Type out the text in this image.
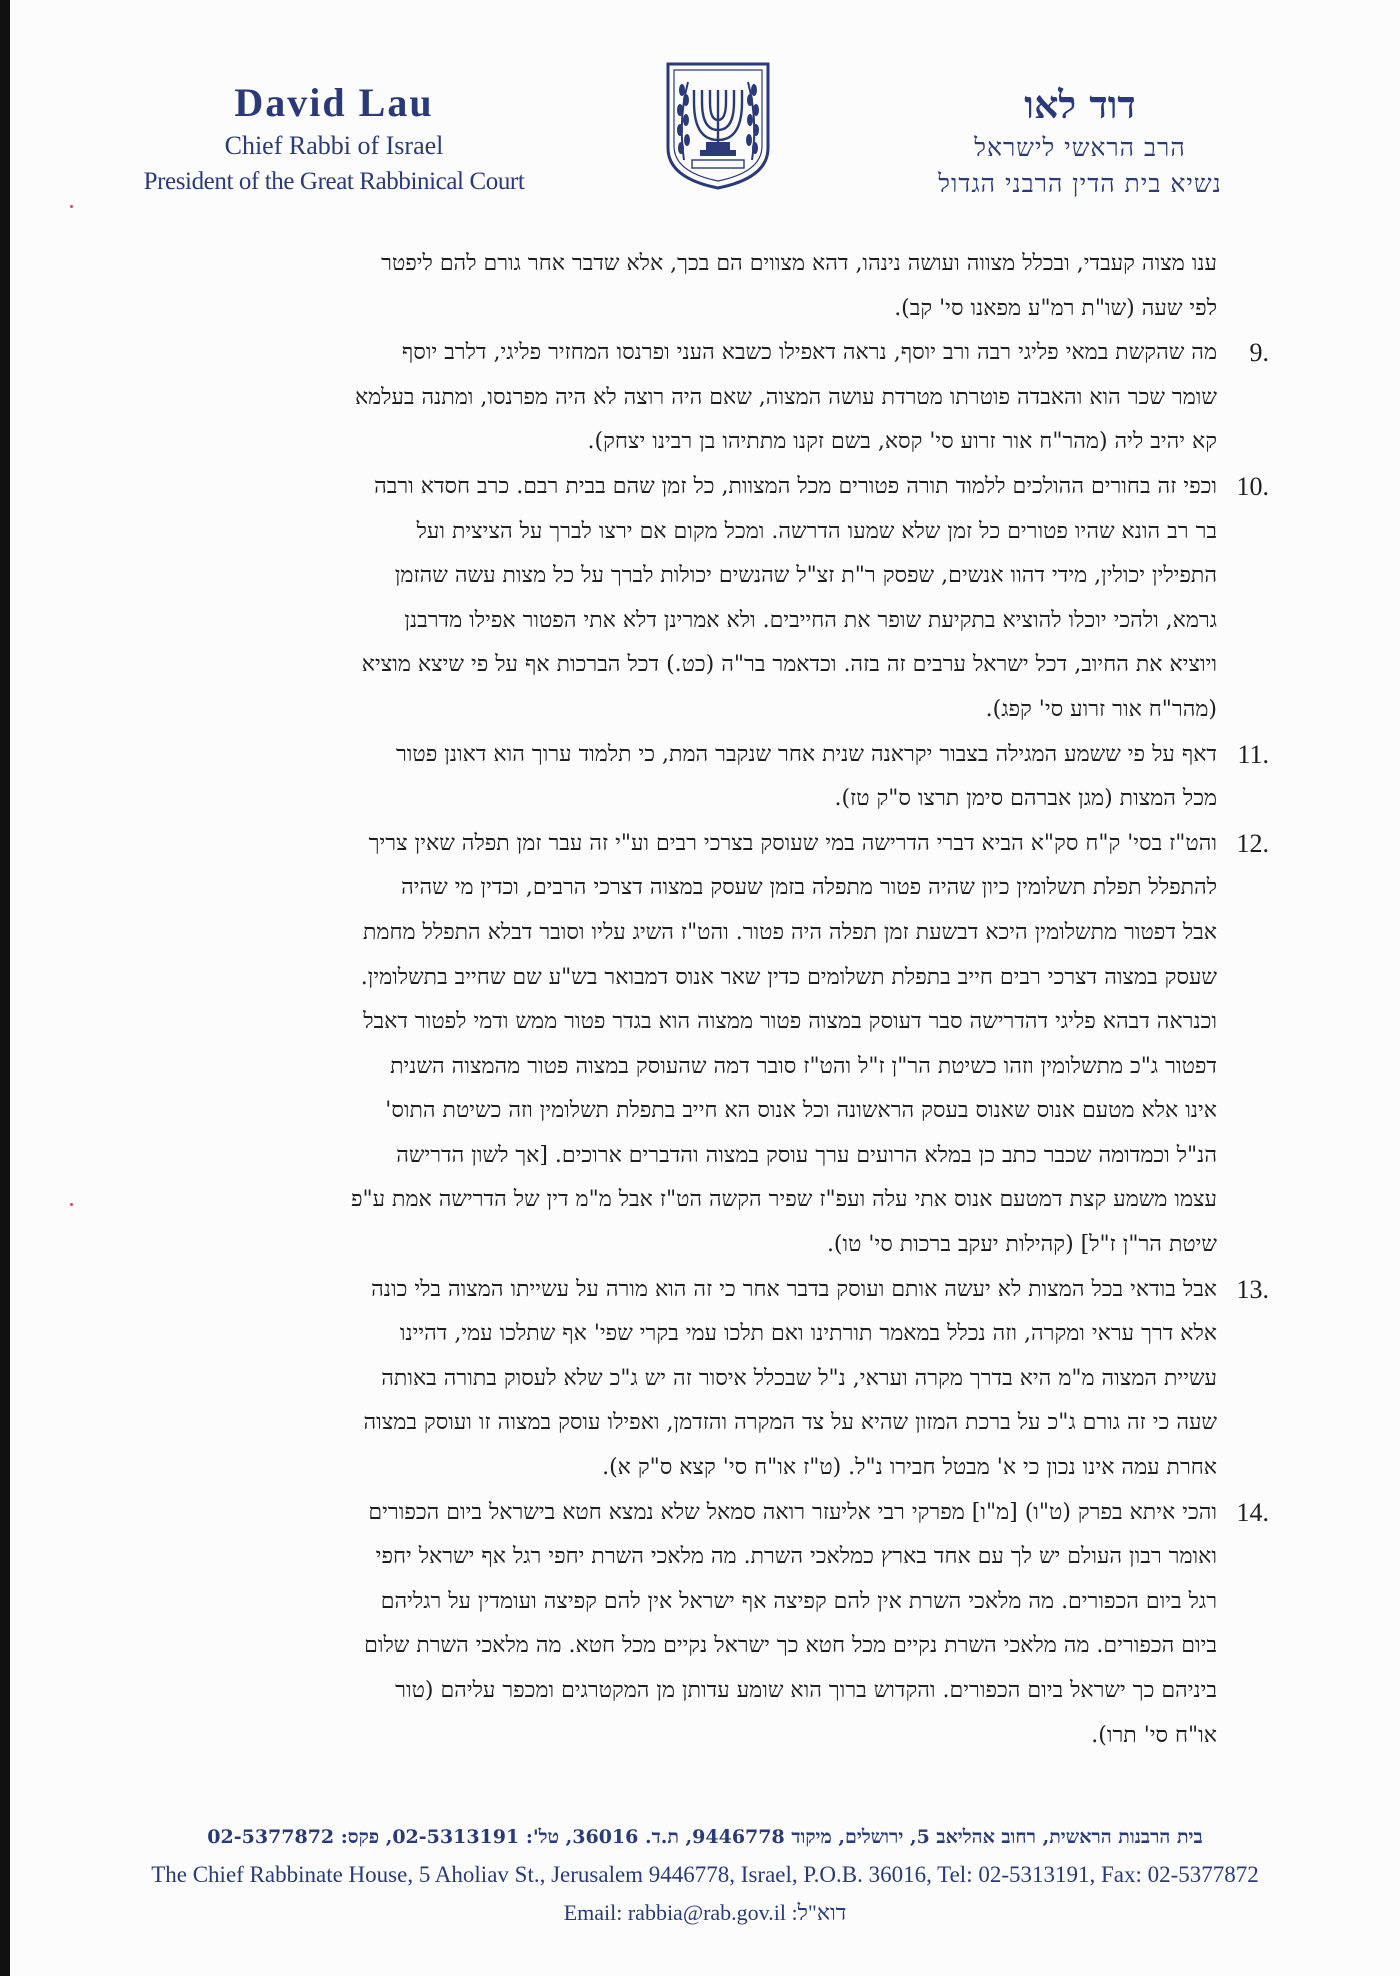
David Lau
Chief Rabbi of Israel
President of the Great Rabbinical Court
דוד לאו
הרב הראשי לישראל
נשיא בית הדין הרבני הגדול

ענו מצוה קעבדי, ובכלל מצווה ועושה נינהו, דהא מצווים הם בכך, אלא שדבר אחר גורם להם ליפטר

לפי שעה (שו"ת רמ"ע מפאנו סי' קב).

9.

מה שהקשת במאי פליגי רבה ורב יוסף, נראה דאפילו כשבא העני ופרנסו המחזיר פליגי, דלרב יוסף

שומר שכר הוא והאבדה פוטרתו מטרדת עושה המצוה, שאם היה רוצה לא היה מפרנסו, ומתנה בעלמא

קא יהיב ליה (מהר"ח אור זרוע סי' קסא, בשם זקנו מתתיהו בן רבינו יצחק).

10.

וכפי זה בחורים ההולכים ללמוד תורה פטורים מכל המצוות, כל זמן שהם בבית רבם. כרב חסדא ורבה

בר רב הונא שהיו פטורים כל זמן שלא שמעו הדרשה. ומכל מקום אם ירצו לברך על הציצית ועל

התפילין יכולין, מידי דהוו אנשים, שפסק ר"ת זצ"ל שהנשים יכולות לברך על כל מצות עשה שהזמן

גרמא, ולהכי יוכלו להוציא בתקיעת שופר את החייבים. ולא אמרינן דלא אתי הפטור אפילו מדרבנן

ויוציא את החיוב, דכל ישראל ערבים זה בזה. וכדאמר בר"ה (כט.) דכל הברכות אף על פי שיצא מוציא

(מהר"ח אור זרוע סי' קפג).

11.

דאף על פי ששמע המגילה בצבור יקראנה שנית אחר שנקבר המת, כי תלמוד ערוך הוא דאונן פטור

מכל המצות (מגן אברהם סימן תרצו ס"ק טז).

12.

והט"ז בסי' ק"ח סק"א הביא דברי הדרישה במי שעוסק בצרכי רבים וע"י זה עבר זמן תפלה שאין צריך

להתפלל תפלת תשלומין כיון שהיה פטור מתפלה בזמן שעסק במצוה דצרכי הרבים, וכדין מי שהיה

אבל דפטור מתשלומין היכא דבשעת זמן תפלה היה פטור. והט"ז השיג עליו וסובר דבלא התפלל מחמת

שעסק במצוה דצרכי רבים חייב בתפלת תשלומים כדין שאר אנוס דמבואר בש"ע שם שחייב בתשלומין.

וכנראה דבהא פליגי דהדרישה סבר דעוסק במצוה פטור ממצוה הוא בגדר פטור ממש ודמי לפטור דאבל

דפטור ג"כ מתשלומין וזהו כשיטת הר"ן ז"ל והט"ז סובר דמה שהעוסק במצוה פטור מהמצוה השנית

אינו אלא מטעם אנוס שאנוס בעסק הראשונה וכל אנוס הא חייב בתפלת תשלומין וזה כשיטת התוס'

הנ"ל וכמדומה שכבר כתב כן במלא הרועים ערך עוסק במצוה והדברים ארוכים. [אך לשון הדרישה

עצמו משמע קצת דמטעם אנוס אתי עלה ועפ"ז שפיר הקשה הט"ז אבל מ"מ דין של הדרישה אמת ע"פ

שיטת הר"ן ז"ל] (קהילות יעקב ברכות סי' טו).

13.

אבל בודאי בכל המצות לא יעשה אותם ועוסק בדבר אחר כי זה הוא מורה על עשייתו המצוה בלי כונה

אלא דרך עראי ומקרה, וזה נכלל במאמר תורתינו ואם תלכו עמי בקרי שפי' אף שתלכו עמי, דהיינו

עשיית המצוה מ"מ היא בדרך מקרה ועראי, נ"ל שבכלל איסור זה יש ג"כ שלא לעסוק בתורה באותה

שעה כי זה גורם ג"כ על ברכת המזון שהיא על צד המקרה והזדמן, ואפילו עוסק במצוה זו ועוסק במצוה

אחרת עמה אינו נכון כי א' מבטל חבירו נ"ל. (ט"ז או"ח סי' קצא ס"ק א).

14.

והכי איתא בפרק (ט"ו) [מ"ו] מפרקי רבי אליעזר רואה סמאל שלא נמצא חטא בישראל ביום הכפורים

ואומר רבון העולם יש לך עם אחד בארץ כמלאכי השרת. מה מלאכי השרת יחפי רגל אף ישראל יחפי

רגל ביום הכפורים. מה מלאכי השרת אין להם קפיצה אף ישראל אין להם קפיצה ועומדין על רגליהם

ביום הכפורים. מה מלאכי השרת נקיים מכל חטא כך ישראל נקיים מכל חטא. מה מלאכי השרת שלום

ביניהם כך ישראל ביום הכפורים. והקדוש ברוך הוא שומע עדותן מן המקטרגים ומכפר עליהם (טור

או"ח סי' תרו).

בית הרבנות הראשית, רחוב אהליאב 5, ירושלים, מיקוד 9446778, ת.ד. 36016, טל': 02-5313191, פקס: 02-5377872
The Chief Rabbinate House, 5 Aholiav St., Jerusalem 9446778, Israel, P.O.B. 36016, Tel: 02-5313191, Fax: 02-5377872
Email: rabbia@rab.gov.il :דוא"ל
